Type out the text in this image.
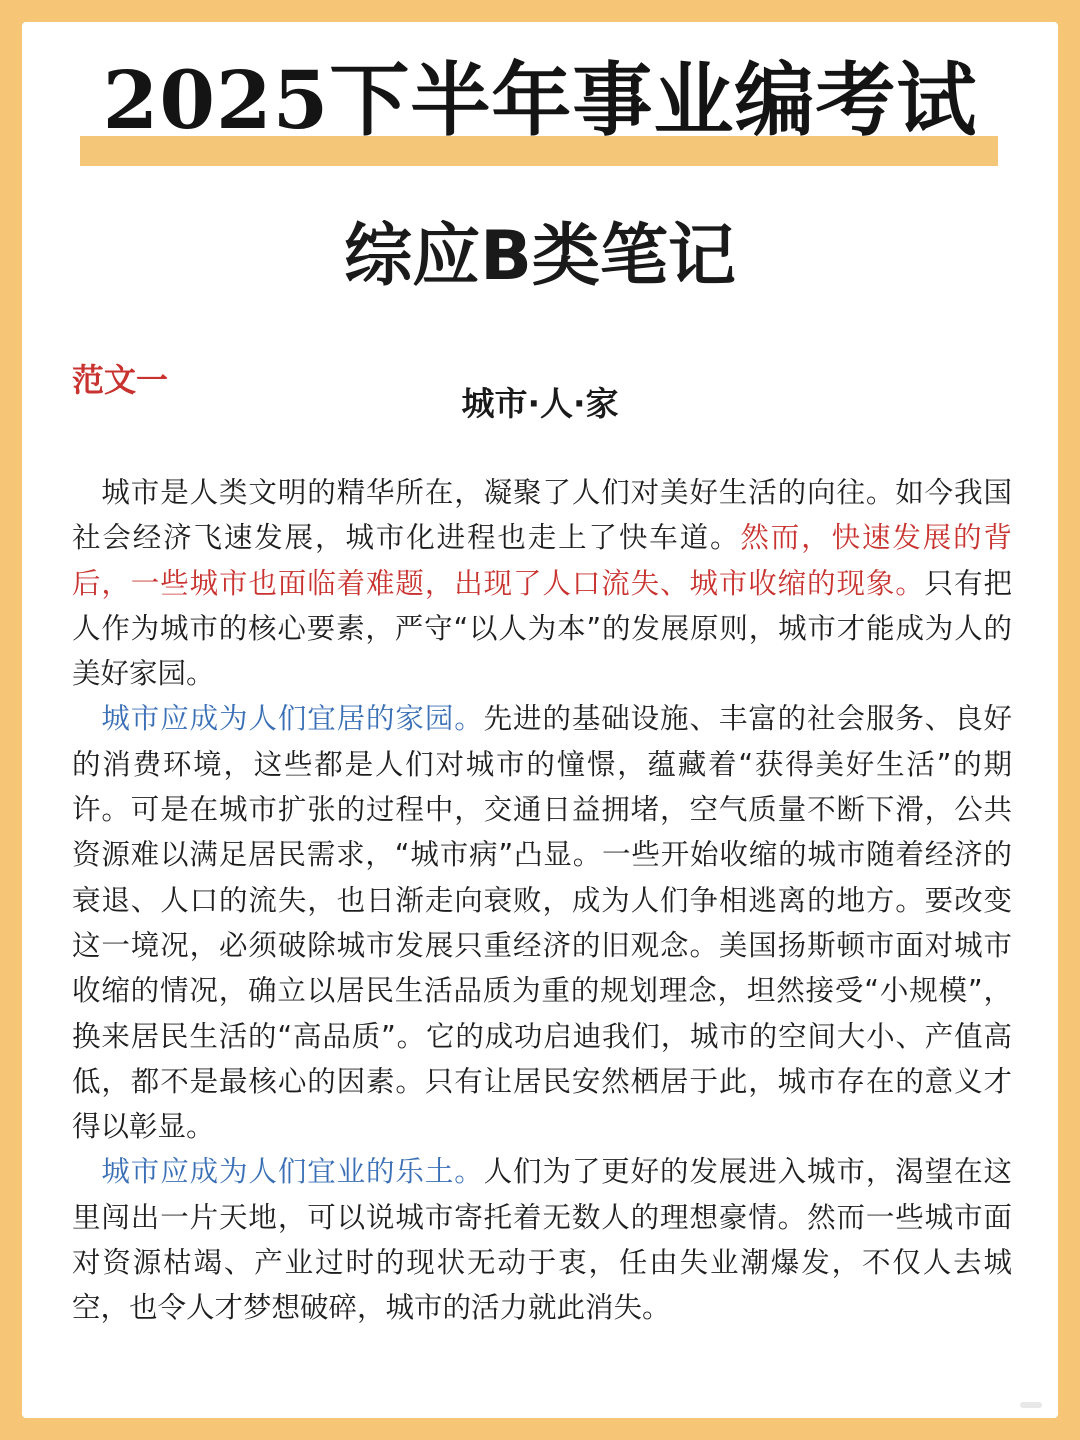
2025下半年事业编考试
综应B类笔记
范文一
城市·人·家

　城市是人类文明的精华所在，凝聚了人们对美好生活的向往。如今我国社会经济飞速发展，城市化进程也走上了快车道。然而，快速发展的背后，一些城市也面临着难题，出现了人口流失、城市收缩的现象。只有把人作为城市的核心要素，严守“以人为本”的发展原则，城市才能成为人的美好家园。

　城市应成为人们宜居的家园。先进的基础设施、丰富的社会服务、良好的消费环境，这些都是人们对城市的憧憬，蕴藏着“获得美好生活”的期许。可是在城市扩张的过程中，交通日益拥堵，空气质量不断下滑，公共资源难以满足居民需求，“城市病”凸显。一些开始收缩的城市随着经济的衰退、人口的流失，也日渐走向衰败，成为人们争相逃离的地方。要改变这一境况，必须破除城市发展只重经济的旧观念。美国扬斯顿市面对城市收缩的情况，确立以居民生活品质为重的规划理念，坦然接受“小规模”，换来居民生活的“高品质”。它的成功启迪我们，城市的空间大小、产值高低，都不是最核心的因素。只有让居民安然栖居于此，城市存在的意义才得以彰显。

　城市应成为人们宜业的乐土。人们为了更好的发展进入城市，渴望在这里闯出一片天地，可以说城市寄托着无数人的理想豪情。然而一些城市面对资源枯竭、产业过时的现状无动于衷，任由失业潮爆发，不仅人去城空，也令人才梦想破碎，城市的活力就此消失。
